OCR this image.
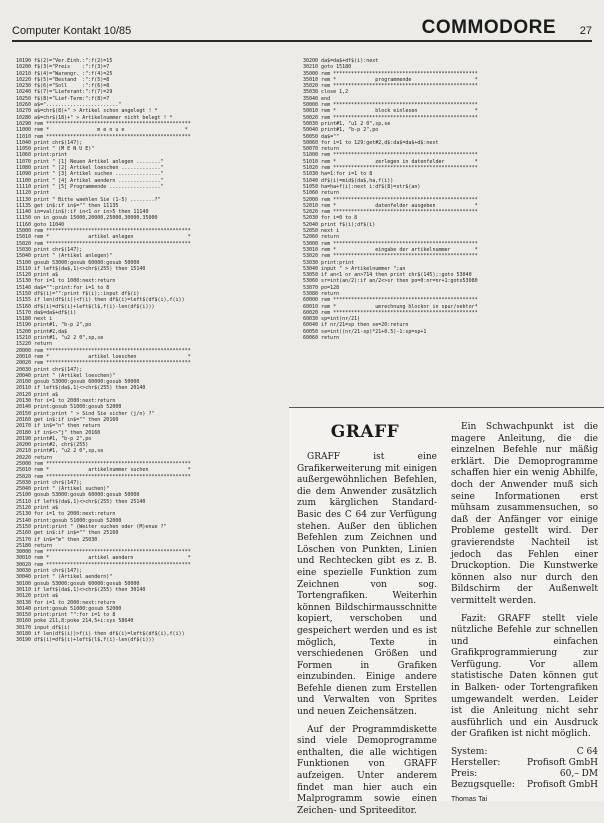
Computer Kontakt 10/85	COMMODORE 27
10190 f$(2)="Ver.Einh.:":f(2)=15
10200 f$(3)="Preis    :":f(3)=7
10210 f$(4)="Warengr. :":f(4)=25
10220 f$(5)="Bestand  :":f(5)=8
10230 f$(6)="Soll     :":f(6)=8
10240 f$(7)="Lieferant:":f(7)=29
10250 f$(8)="Lief-Term:":f(8)=7
10260 a$="........................"
10270 a$=chr$(8)+" > Artikel schon angelegt ! *
10280 a$=chr$(18)+" > Artikelnummer nicht belegt ! *
10290 rem ************************************************
11000 rem *                m e n u e                    *
11010 rem ************************************************
11040 print chr$(147);
11050 print " (M E N U E)"
11060 print:print
11070 print " [1] Neuen Artikel anlegen ........"
11080 print " [2] Artikel loeschen ............."
11090 print " [3] Artikel suchen ..............."
11100 print " [4] Artikel aendern .............."
11110 print " [5] Programmende ................."
11120 print
11130 print " Bitte waehlen Sie (1-5) ........?"
11135 get in$:if in$="" then 11135
11140 in=val(in$):if in<1 or in>5 then 11140
11150 on in gosub 15000,20000,25000,30000,35000
11160 goto 11040
15000 rem ************************************************
15010 rem *             artikel anlegen                  *
15020 rem ************************************************
15030 print chr$(147);
15040 print " (Artikel anlegen)"
15100 gosub 53000:gosub 60000:gosub 50000
15110 if left$(da$,1)<>chr$(255) then 15140
15120 print a$
15130 for i=1 to 1000:next:return
15140 da$="":print:for i=1 to 8
15150 df$(i)="":print f$(i);:input df$(i)
15155 if len(df$(i))<f(i) then df$(i)=left$(df$(i),f(i))
15160 df$(i)=df$(i)+left$(l$,f(i)-len(df$(i)))
15170 da$=da$+df$(i)
15180 next i
15190 print#1, "b-p 2",po
15200 print#2,da$
15210 print#1, "u2 2 0",sp,se
15220 return
20000 rem ************************************************
20010 rem *             artikel loeschen                 *
20020 rem ************************************************
20030 print chr$(147);
20040 print " (Artikel loeschen)"
20100 gosub 53000:gosub 60000:gosub 50000
20110 if left$(da$,1)<>chr$(255) then 20140
20120 print a$
20130 for i=1 to 2000:next:return
20140 print:gosub 51000:gosub 52000
20150 print:print " > Sind Sie sicher (j/n) ?"
20160 get in$:if in$="" then 20160
20170 if in$="n" then return
20180 if in$<>"j" then 20160
20190 print#1, "b-p 2",po
20200 print#2, chr$(255)
20210 print#1, "u2 2 0",sp,se
20220 return
25000 rem ************************************************
25010 rem *             artikelnummer suchen             *
25020 rem ************************************************
25030 print chr$(147);
25040 print " (Artikel suchen)"
25100 gosub 53000:gosub 60000:gosub 50000
25110 if left$(da$,1)<>chr$(255) then 25140
25120 print a$
25130 for i=1 to 2000:next:return
25140 print:gosub 51000:gosub 52000
25150 print:print " (Weiter suchen oder (M)enue ?"
25160 get in$:if in$="" then 25160
25170 if in$="m" then 25030
25180 return
30000 rem ************************************************
30010 rem *             artikel aendern                  *
30020 rem ************************************************
30030 print chr$(147);
30040 print " (Artikel aendern)"
30100 gosub 53000:gosub 60000:gosub 50000
30110 if left$(da$,1)<>chr$(255) then 30140
30120 print a$
30130 for i=1 to 2000:next:return
30140 print:gosub 51000:gosub 52000
30150 print:print "":for i=1 to 8
30160 poke 211,8:poke 214,5+i:sys 58640
30170 input df$(i)
30180 if len(df$(i))>f(i) then df$(i)=left$(df$(i),f(i))
30190 df$(i)=df$(i)+left$(l$,f(i)-len(df$(i)))
30200 da$=da$+df$(i):next
30210 goto 15180
35000 rem ************************************************
35010 rem *             programmende                     *
35020 rem ************************************************
35030 close 1,2
35040 end
50000 rem ************************************************
50010 rem *             block einlesen                   *
50020 rem ************************************************
50030 print#1, "u1 2 0",sp,se
50040 print#1, "b-p 2",po
50050 da$=""
50060 for i=1 to 129:get#2,d$:da$=da$+d$:next
50070 return
51000 rem ************************************************
51010 rem *             zerlegen in datenfelder          *
51020 rem ************************************************
51030 ha=1:for i=1 to 8
51040 df$(i)=mid$(da$,ha,f(i))
51050 ha=ha+f(i):next i:df$(8)=str$(an)
51060 return
52000 rem ************************************************
52010 rem *             datenfelder ausgeben             *
52020 rem ************************************************
52030 for i=0 to 8
52040 print f$(i);df$(i)
52050 next i
52060 return
53000 rem ************************************************
53010 rem *             eingabe der artikelnummer        *
53020 rem ************************************************
53030 print:print
53040 input " > Artikelnummer ";an
53050 if an<1 or an>714 then print chr$(145);:goto 53040
53060 sr=int(an/2):if an/2<>sr then po=0:nr=nr+1:goto53080
53070 po=128
53080 return
60000 rem ************************************************
60010 rem *             umrechnung blocknr in spur/sektor*
60020 rem ************************************************
60030 sp=int(nr/21)
60040 if nr/21=sp then se=20:return
60050 se=int((nr/21-sp)*21+0.5)-1:sp=sp+1
60060 return
GRAFF

GRAFF ist eine Grafikerweiterung mit einigen außergewöhnlichen Befehlen, die dem Anwender zusätzlich zum kärglichen Standard-Basic des C 64 zur Verfügung stehen. Außer den üblichen Befehlen zum Zeichnen und Löschen von Punkten, Linien und Rechtecken gibt es z. B. eine spezielle Funktion zum Zeichnen von sog. Tortengrafiken. Weiterhin können Bildschirmausschnitte kopiert, verschoben und gespeichert werden und es ist möglich, Texte in verschiedenen Größen und Formen in Grafiken einzubinden. Einige andere Befehle dienen zum Erstellen und Verwalten von Sprites und neuen Zeichensätzen.

Auf der Programmdiskette sind viele Demoprogramme enthalten, die alle wichtigen Funktionen von GRAFF aufzeigen. Unter anderem findet man hier auch ein Malprogramm sowie einen Zeichen- und Spriteeditor.

Ein Schwachpunkt ist die magere Anleitung, die die einzelnen Befehle nur mäßig erklärt. Die Demoprogramme schaffen hier ein wenig Abhilfe, doch der Anwender muß sich seine Informationen erst mühsam zusammensuchen, so daß der Anfänger vor einige Probleme gestellt wird. Der gravierendste Nachteil ist jedoch das Fehlen einer Druckoption. Die Kunstwerke können also nur durch den Bildschirm der Außenwelt vermittelt werden.

Fazit: GRAFF stellt viele nützliche Befehle zur schnellen und einfachen Grafikprogrammierung zur Verfügung. Vor allem statistische Daten können gut in Balken- oder Tortengrafiken umgewandelt werden. Leider ist die Anleitung nicht sehr ausführlich und ein Ausdruck der Grafiken ist nicht möglich.

System:	C 64
Hersteller:	Profisoft GmbH
Preis:	60,– DM
Bezugsquelle: Profisoft GmbH
Thomas Tai
